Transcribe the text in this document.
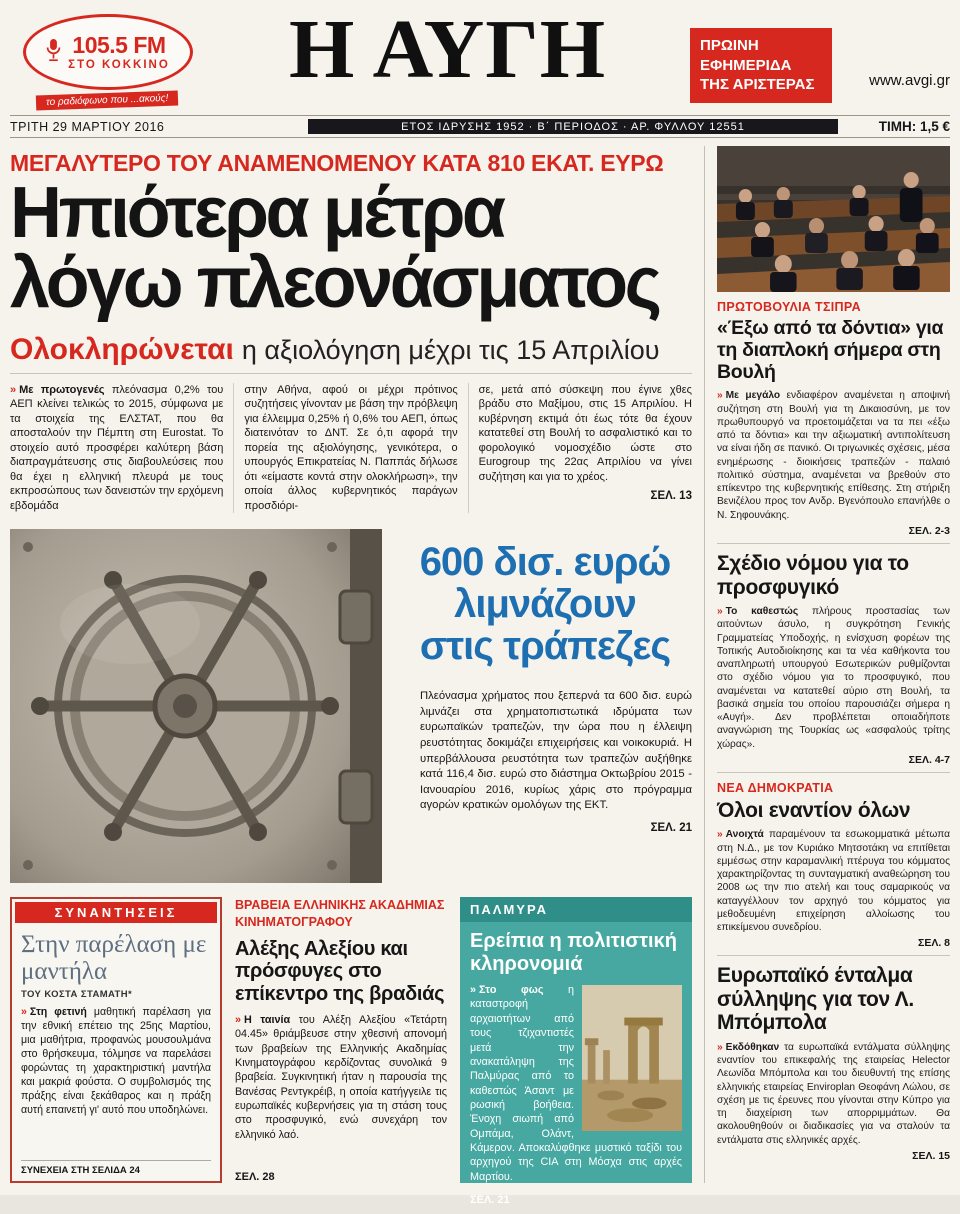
105.5 FM
ΣΤΟ ΚΟΚΚΙΝΟ
το ραδιόφωνο που ...ακούς!
Η ΑΥΓΗ	ΠΡΩΙΝΗ
ΕΦΗΜΕΡΙΔΑ
ΤΗΣ ΑΡΙΣΤΕΡΑΣ	www.avgi.gr
ΤΡΙΤΗ 29 ΜΑΡΤΙΟΥ 2016	ΕΤΟΣ ΙΔΡΥΣΗΣ 1952 · Β΄ ΠΕΡΙΟΔΟΣ · ΑΡ. ΦΥΛΛΟΥ 12551	ΤΙΜΗ: 1,5 €
ΜΕΓΑΛΥΤΕΡΟ ΤΟΥ ΑΝΑΜΕΝΟΜΕΝΟΥ ΚΑΤΑ 810 ΕΚΑΤ. ΕΥΡΩ
Ηπιότερα μέτρα
λόγω πλεονάσματος
Ολοκληρώνεται η αξιολόγηση μέχρι τις 15 Απριλίου

» Με πρωτογενές πλεόνασμα 0,2% του ΑΕΠ κλείνει τελικώς το 2015, σύμφωνα με τα στοιχεία της ΕΛΣΤΑΤ, που θα αποσταλούν την Πέμπτη στη Eurostat. Το στοιχείο αυτό προσφέρει καλύτερη βάση διαπραγμάτευσης στις διαβουλεύσεις που θα έχει η ελληνική πλευρά με τους εκπροσώπους των δανειστών την ερχόμενη εβδομάδα

στην Αθήνα, αφού οι μέχρι πρότινος συζητήσεις γίνονταν με βάση την πρόβλεψη για έλλειμμα 0,25% ή 0,6% του ΑΕΠ, όπως διατεινόταν το ΔΝΤ. Σε ό,τι αφορά την πορεία της αξιολόγησης, γενικότερα, ο υπουργός Επικρατείας Ν. Παππάς δήλωσε ότι «είμαστε κοντά στην ολοκλήρωση», την οποία άλλος κυβερνητικός παράγων προσδιόρι-

σε, μετά από σύσκεψη που έγινε χθες βράδυ στο Μαξίμου, στις 15 Απριλίου. Η κυβέρνηση εκτιμά ότι έως τότε θα έχουν κατατεθεί στη Βουλή το ασφαλιστικό και το φορολογικό νομοσχέδιο ώστε στο Eurogroup της 22ας Απριλίου να γίνει συζήτηση και για το χρέος.
ΣΕΛ. 13

600 δισ. ευρώ
λιμνάζουν
στις τράπεζες

Πλεόνασμα χρήματος που ξεπερνά τα 600 δισ. ευρώ λιμνάζει στα χρηματοπιστωτικά ιδρύματα των ευρωπαϊκών τραπεζών, την ώρα που η έλλειψη ρευστότητας δοκιμάζει επιχειρήσεις και νοικοκυριά. Η υπερβάλλουσα ρευστότητα των τραπεζών αυξήθηκε κατά 116,4 δισ. ευρώ στο διάστημα Οκτωβρίου 2015 - Ιανουαρίου 2016, κυρίως χάρις στο πρόγραμμα αγορών κρατικών ομολόγων της ΕΚΤ.

ΣΕΛ. 21
ΣΥΝΑΝΤΗΣΕΙΣ
Στην παρέλαση με μαντήλα
ΤΟΥ ΚΟΣΤΑ ΣΤΑΜΑΤΗ*

» Στη φετινή μαθητική παρέλαση για την εθνική επέτειο της 25ης Μαρτίου, μια μαθήτρια, προφανώς μουσουλμάνα στο θρήσκευμα, τόλμησε να παρελάσει φορώντας τη χαρακτηριστική μαντήλα και μακριά φούστα. Ο συμβολισμός της πράξης είναι ξεκάθαρος και η πράξη αυτή επαινετή γι' αυτό που υποδηλώνει.

ΣΥΝΕΧΕΙΑ ΣΤΗ ΣΕΛΙΔΑ 24
ΒΡΑΒΕΙΑ ΕΛΛΗΝΙΚΗΣ ΑΚΑΔΗΜΙΑΣ ΚΙΝΗΜΑΤΟΓΡΑΦΟΥ
Αλέξης Αλεξίου και πρόσφυγες στο επίκεντρο της βραδιάς

» Η ταινία του Αλέξη Αλεξίου «Τετάρτη 04.45» θριάμβευσε στην χθεσινή απονομή των βραβείων της Ελληνικής Ακαδημίας Κινηματογράφου κερδίζοντας συνολικά 9 βραβεία. Συγκινητική ήταν η παρουσία της Βανέσας Ρεντγκρέιβ, η οποία κατήγγειλε τις ευρωπαϊκές κυβερνήσεις για τη στάση τους στο προσφυγικό, ενώ συνεχάρη τον ελληνικό λαό.

ΣΕΛ. 28
ΠΑΛΜΥΡΑ
Ερείπια η πολιτιστική κληρονομιά

» Στο φως η καταστροφή αρχαιοτήτων από τους τζιχαντιστές μετά την ανακατάληψη της Παλμύρας από το καθεστώς Άσαντ με ρωσική βοήθεια. Ένοχη σιωπή από Ομπάμα, Ολάντ, Κάμερον. Αποκαλύφθηκε μυστικό ταξίδι του αρχηγού της CIA στη Μόσχα στις αρχές Μαρτίου.

ΣΕΛ. 21
ΠΡΩΤΟΒΟΥΛΙΑ ΤΣΙΠΡΑ
«Έξω από τα δόντια» για τη διαπλοκή σήμερα στη Βουλή

» Με μεγάλο ενδιαφέρον αναμένεται η αποψινή συζήτηση στη Βουλή για τη Δικαιοσύνη, με τον πρωθυπουργό να προετοιμάζεται να τα πει «έξω από τα δόντια» και την αξιωματική αντιπολίτευση να είναι ήδη σε πανικό. Οι τριγωνικές σχέσεις, μέσα ενημέρωσης - διοικήσεις τραπεζών - παλαιό πολιτικό σύστημα, αναμένεται να βρεθούν στο επίκεντρο της κυβερνητικής επίθεσης. Στη στήριξη Βενιζέλου προς τον Ανδρ. Βγενόπουλο επανήλθε ο Ν. Σηφουνάκης.

ΣΕΛ. 2-3
Σχέδιο νόμου για το προσφυγικό

» Το καθεστώς πλήρους προστασίας των αιτούντων άσυλο, η συγκρότηση Γενικής Γραμματείας Υποδοχής, η ενίσχυση φορέων της Τοπικής Αυτοδιοίκησης και τα νέα καθήκοντα του αναπληρωτή υπουργού Εσωτερικών ρυθμίζονται στο σχέδιο νόμου για το προσφυγικό, που αναμένεται να κατατεθεί αύριο στη Βουλή, τα βασικά σημεία του οποίου παρουσιάζει σήμερα η «Αυγή». Δεν προβλέπεται οποιαδήποτε αναγνώριση της Τουρκίας ως «ασφαλούς τρίτης χώρας».

ΣΕΛ. 4-7
ΝΕΑ ΔΗΜΟΚΡΑΤΙΑ
Όλοι εναντίον όλων

» Ανοιχτά παραμένουν τα εσωκομματικά μέτωπα στη Ν.Δ., με τον Κυριάκο Μητσοτάκη να επιτίθεται εμμέσως στην καραμανλική πτέρυγα του κόμματος χαρακτηρίζοντας τη συνταγματική αναθεώρηση του 2008 ως την πιο ατελή και τους σαμαρικούς να καταγγέλλουν τον αρχηγό του κόμματος για μεθοδευμένη επιχείρηση αλλοίωσης του επικείμενου συνεδρίου.

ΣΕΛ. 8
Ευρωπαϊκό ένταλμα σύλληψης για τον Λ. Μπόμπολα

» Εκδόθηκαν τα ευρωπαϊκά εντάλματα σύλληψης εναντίον του επικεφαλής της εταιρείας Helector Λεωνίδα Μπόμπολα και του διευθυντή της επίσης ελληνικής εταιρείας Enviroplan Θεοφάνη Λώλου, σε σχέση με τις έρευνες που γίνονται στην Κύπρο για τη διαχείριση των απορριμμάτων. Θα ακολουθηθούν οι διαδικασίες για να σταλούν τα εντάλματα στις ελληνικές αρχές.

ΣΕΛ. 15
